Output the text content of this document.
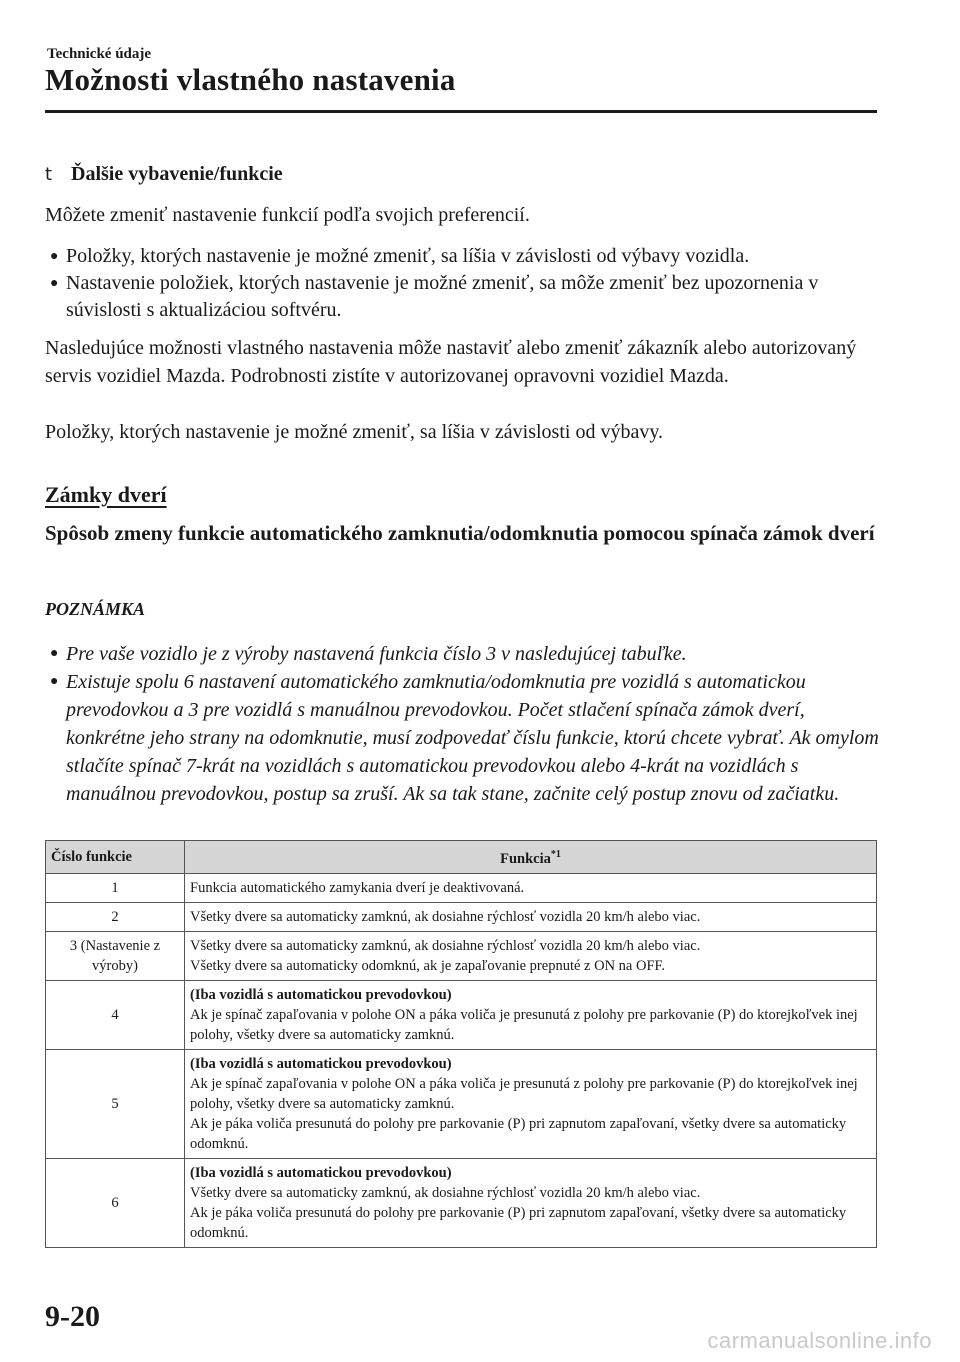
Technické údaje
Možnosti vlastného nastavenia
t Ďalšie vybavenie/funkcie
Môžete zmeniť nastavenie funkcií podľa svojich preferencií.
● Položky, ktorých nastavenie je možné zmeniť, sa líšia v závislosti od výbavy vozidla.
● Nastavenie položiek, ktorých nastavenie je možné zmeniť, sa môže zmeniť bez upozornenia v súvislosti s aktualizáciou softvéru.
Nasledujúce možnosti vlastného nastavenia môže nastaviť alebo zmeniť zákazník alebo autorizovaný servis vozidiel Mazda. Podrobnosti zistíte v autorizovanej opravovni vozidiel Mazda.
Položky, ktorých nastavenie je možné zmeniť, sa líšia v závislosti od výbavy.
Zámky dverí
Spôsob zmeny funkcie automatického zamknutia/odomknutia pomocou spínača zámok dverí
POZNÁMKA
● Pre vaše vozidlo je z výroby nastavená funkcia číslo 3 v nasledujúcej tabuľke.
● Existuje spolu 6 nastavení automatického zamknutia/odomknutia pre vozidlá s automatickou prevodovkou a 3 pre vozidlá s manuálnou prevodovkou. Počet stlačení spínača zámok dverí, konkrétne jeho strany na odomknutie, musí zodpovedať číslu funkcie, ktorú chcete vybrať. Ak omylom stlačíte spínač 7-krát na vozidlách s automatickou prevodovkou alebo 4-krát na vozidlách s manuálnou prevodovkou, postup sa zruší. Ak sa tak stane, začnite celý postup znovu od začiatku.
Číslo funkcie	Funkcia$^{*1}$
1	Funkcia automatického zamykania dverí je deaktivovaná.

2	Všetky dvere sa automaticky zamknú, ak dosiahne rýchlosť vozidla 20 km/h alebo viac.

3 (Nastavenie z výroby)	Všetky dvere sa automaticky zamknú, ak dosiahne rýchlosť vozidla 20 km/h alebo viac.
Všetky dvere sa automaticky odomknú, ak je zapaľovanie prepnuté z ON na OFF.

4	(Iba vozidlá s automatickou prevodovkou)
Ak je spínač zapaľovania v polohe ON a páka voliča je presunutá z polohy pre parkovanie (P) do ktorejkoľvek inej polohy, všetky dvere sa automaticky zamknú.

5	(Iba vozidlá s automatickou prevodovkou)
Ak je spínač zapaľovania v polohe ON a páka voliča je presunutá z polohy pre parkovanie (P) do ktorejkoľvek inej polohy, všetky dvere sa automaticky zamknú.
Ak je páka voliča presunutá do polohy pre parkovanie (P) pri zapnutom zapaľovaní, všetky dvere sa automaticky odomknú.

6	(Iba vozidlá s automatickou prevodovkou)
Všetky dvere sa automaticky zamknú, ak dosiahne rýchlosť vozidla 20 km/h alebo viac.
Ak je páka voliča presunutá do polohy pre parkovanie (P) pri zapnutom zapaľovaní, všetky dvere sa automaticky odomknú.
9-20
carmanualsonline.info
